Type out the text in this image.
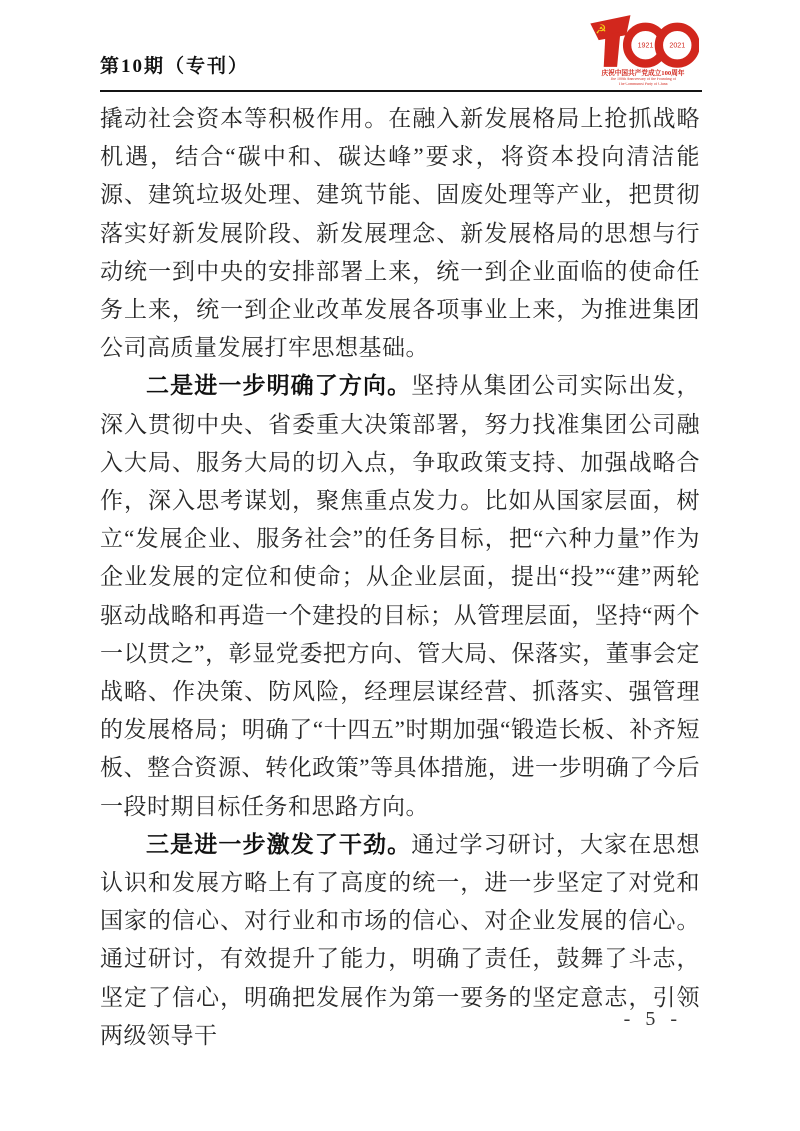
第10期（专刊）
☭
1921 2021
庆祝中国共产党成立100周年
The 100th Anniversary of the Founding of
The Communist Party of China

撬动社会资本等积极作用。在融入新发展格局上抢抓战略机遇，结合“碳中和、碳达峰”要求，将资本投向清洁能源、建筑垃圾处理、建筑节能、固废处理等产业，把贯彻落实好新发展阶段、新发展理念、新发展格局的思想与行动统一到中央的安排部署上来，统一到企业面临的使命任务上来，统一到企业改革发展各项事业上来，为推进集团公司高质量发展打牢思想基础。

二是进一步明确了方向。坚持从集团公司实际出发，深入贯彻中央、省委重大决策部署，努力找准集团公司融入大局、服务大局的切入点，争取政策支持、加强战略合作，深入思考谋划，聚焦重点发力。比如从国家层面，树立“发展企业、服务社会”的任务目标，把“六种力量”作为企业发展的定位和使命；从企业层面，提出“投”“建”两轮驱动战略和再造一个建投的目标；从管理层面，坚持“两个一以贯之”，彰显党委把方向、管大局、保落实，董事会定战略、作决策、防风险，经理层谋经营、抓落实、强管理的发展格局；明确了“十四五”时期加强“锻造长板、补齐短板、整合资源、转化政策”等具体措施，进一步明确了今后一段时期目标任务和思路方向。

三是进一步激发了干劲。通过学习研讨，大家在思想认识和发展方略上有了高度的统一，进一步坚定了对党和国家的信心、对行业和市场的信心、对企业发展的信心。通过研讨，有效提升了能力，明确了责任，鼓舞了斗志，坚定了信心，明确把发展作为第一要务的坚定意志，引领两级领导干

- 5 -
